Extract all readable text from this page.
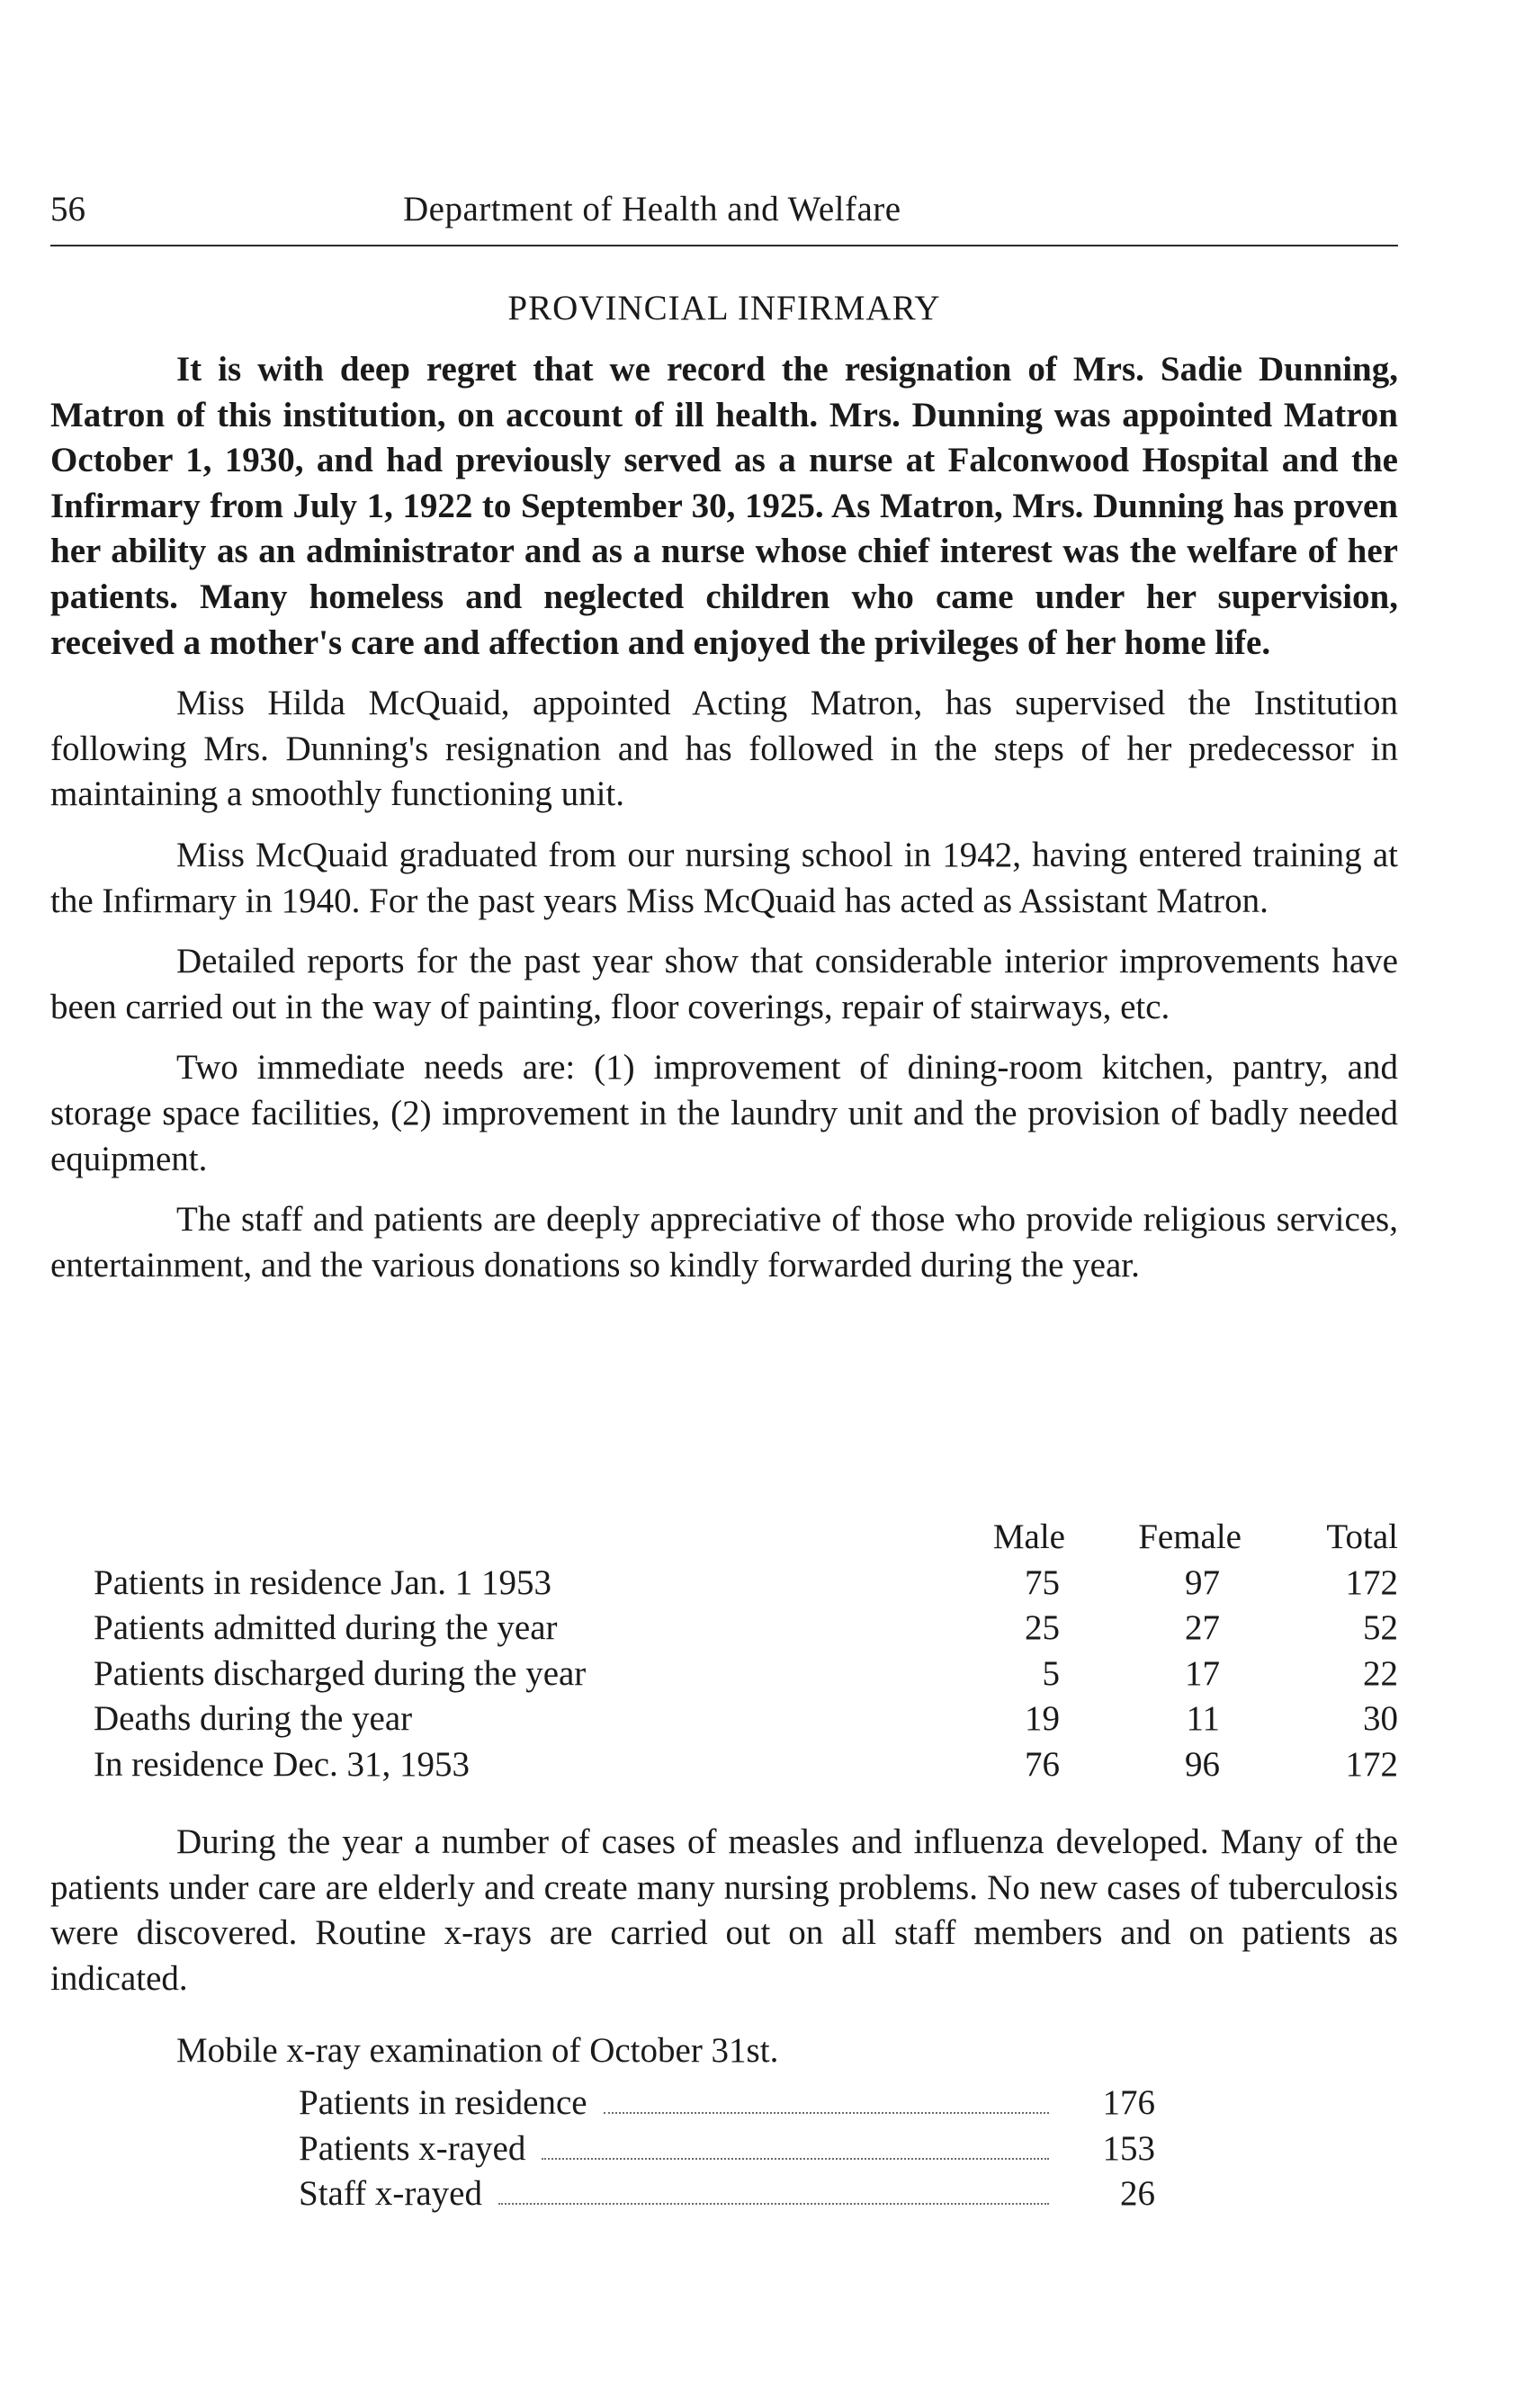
56	Department of Health and Welfare
PROVINCIAL INFIRMARY

It is with deep regret that we record the resignation of Mrs. Sadie Dunning, Matron of this institution, on account of ill health. Mrs. Dunning was appointed Matron October 1, 1930, and had previously served as a nurse at Falconwood Hospital and the Infirmary from July 1, 1922 to September 30, 1925. As Matron, Mrs. Dunning has proven her ability as an administrator and as a nurse whose chief interest was the welfare of her patients. Many homeless and neglected children who came under her supervision, received a mother's care and affection and enjoyed the privileges of her home life.

Miss Hilda McQuaid, appointed Acting Matron, has supervised the Institution following Mrs. Dunning's resignation and has followed in the steps of her predecessor in maintaining a smoothly functioning unit.

Miss McQuaid graduated from our nursing school in 1942, having entered training at the Infirmary in 1940. For the past years Miss McQuaid has acted as Assistant Matron.

Detailed reports for the past year show that considerable interior improvements have been carried out in the way of painting, floor coverings, repair of stairways, etc.

Two immediate needs are: (1) improvement of dining-room kitchen, pantry, and storage space facilities, (2) improvement in the laundry unit and the provision of badly needed equipment.

The staff and patients are deeply appreciative of those who provide religious services, entertainment, and the various donations so kindly forwarded during the year.

Male Female Total
Patients in residence Jan. 1 1953	75	97	172
Patients admitted during the year	25	27	52
Patients discharged during the year	5	17	22
Deaths during the year	19	11	30
In residence Dec. 31, 1953	76	96	172

During the year a number of cases of measles and influenza developed. Many of the patients under care are elderly and create many nursing problems. No new cases of tuberculosis were discovered. Routine x-rays are carried out on all staff members and on patients as indicated.

Mobile x-ray examination of October 31st.
Patients in residence	176
Patients x-rayed	153
Staff x-rayed	26
